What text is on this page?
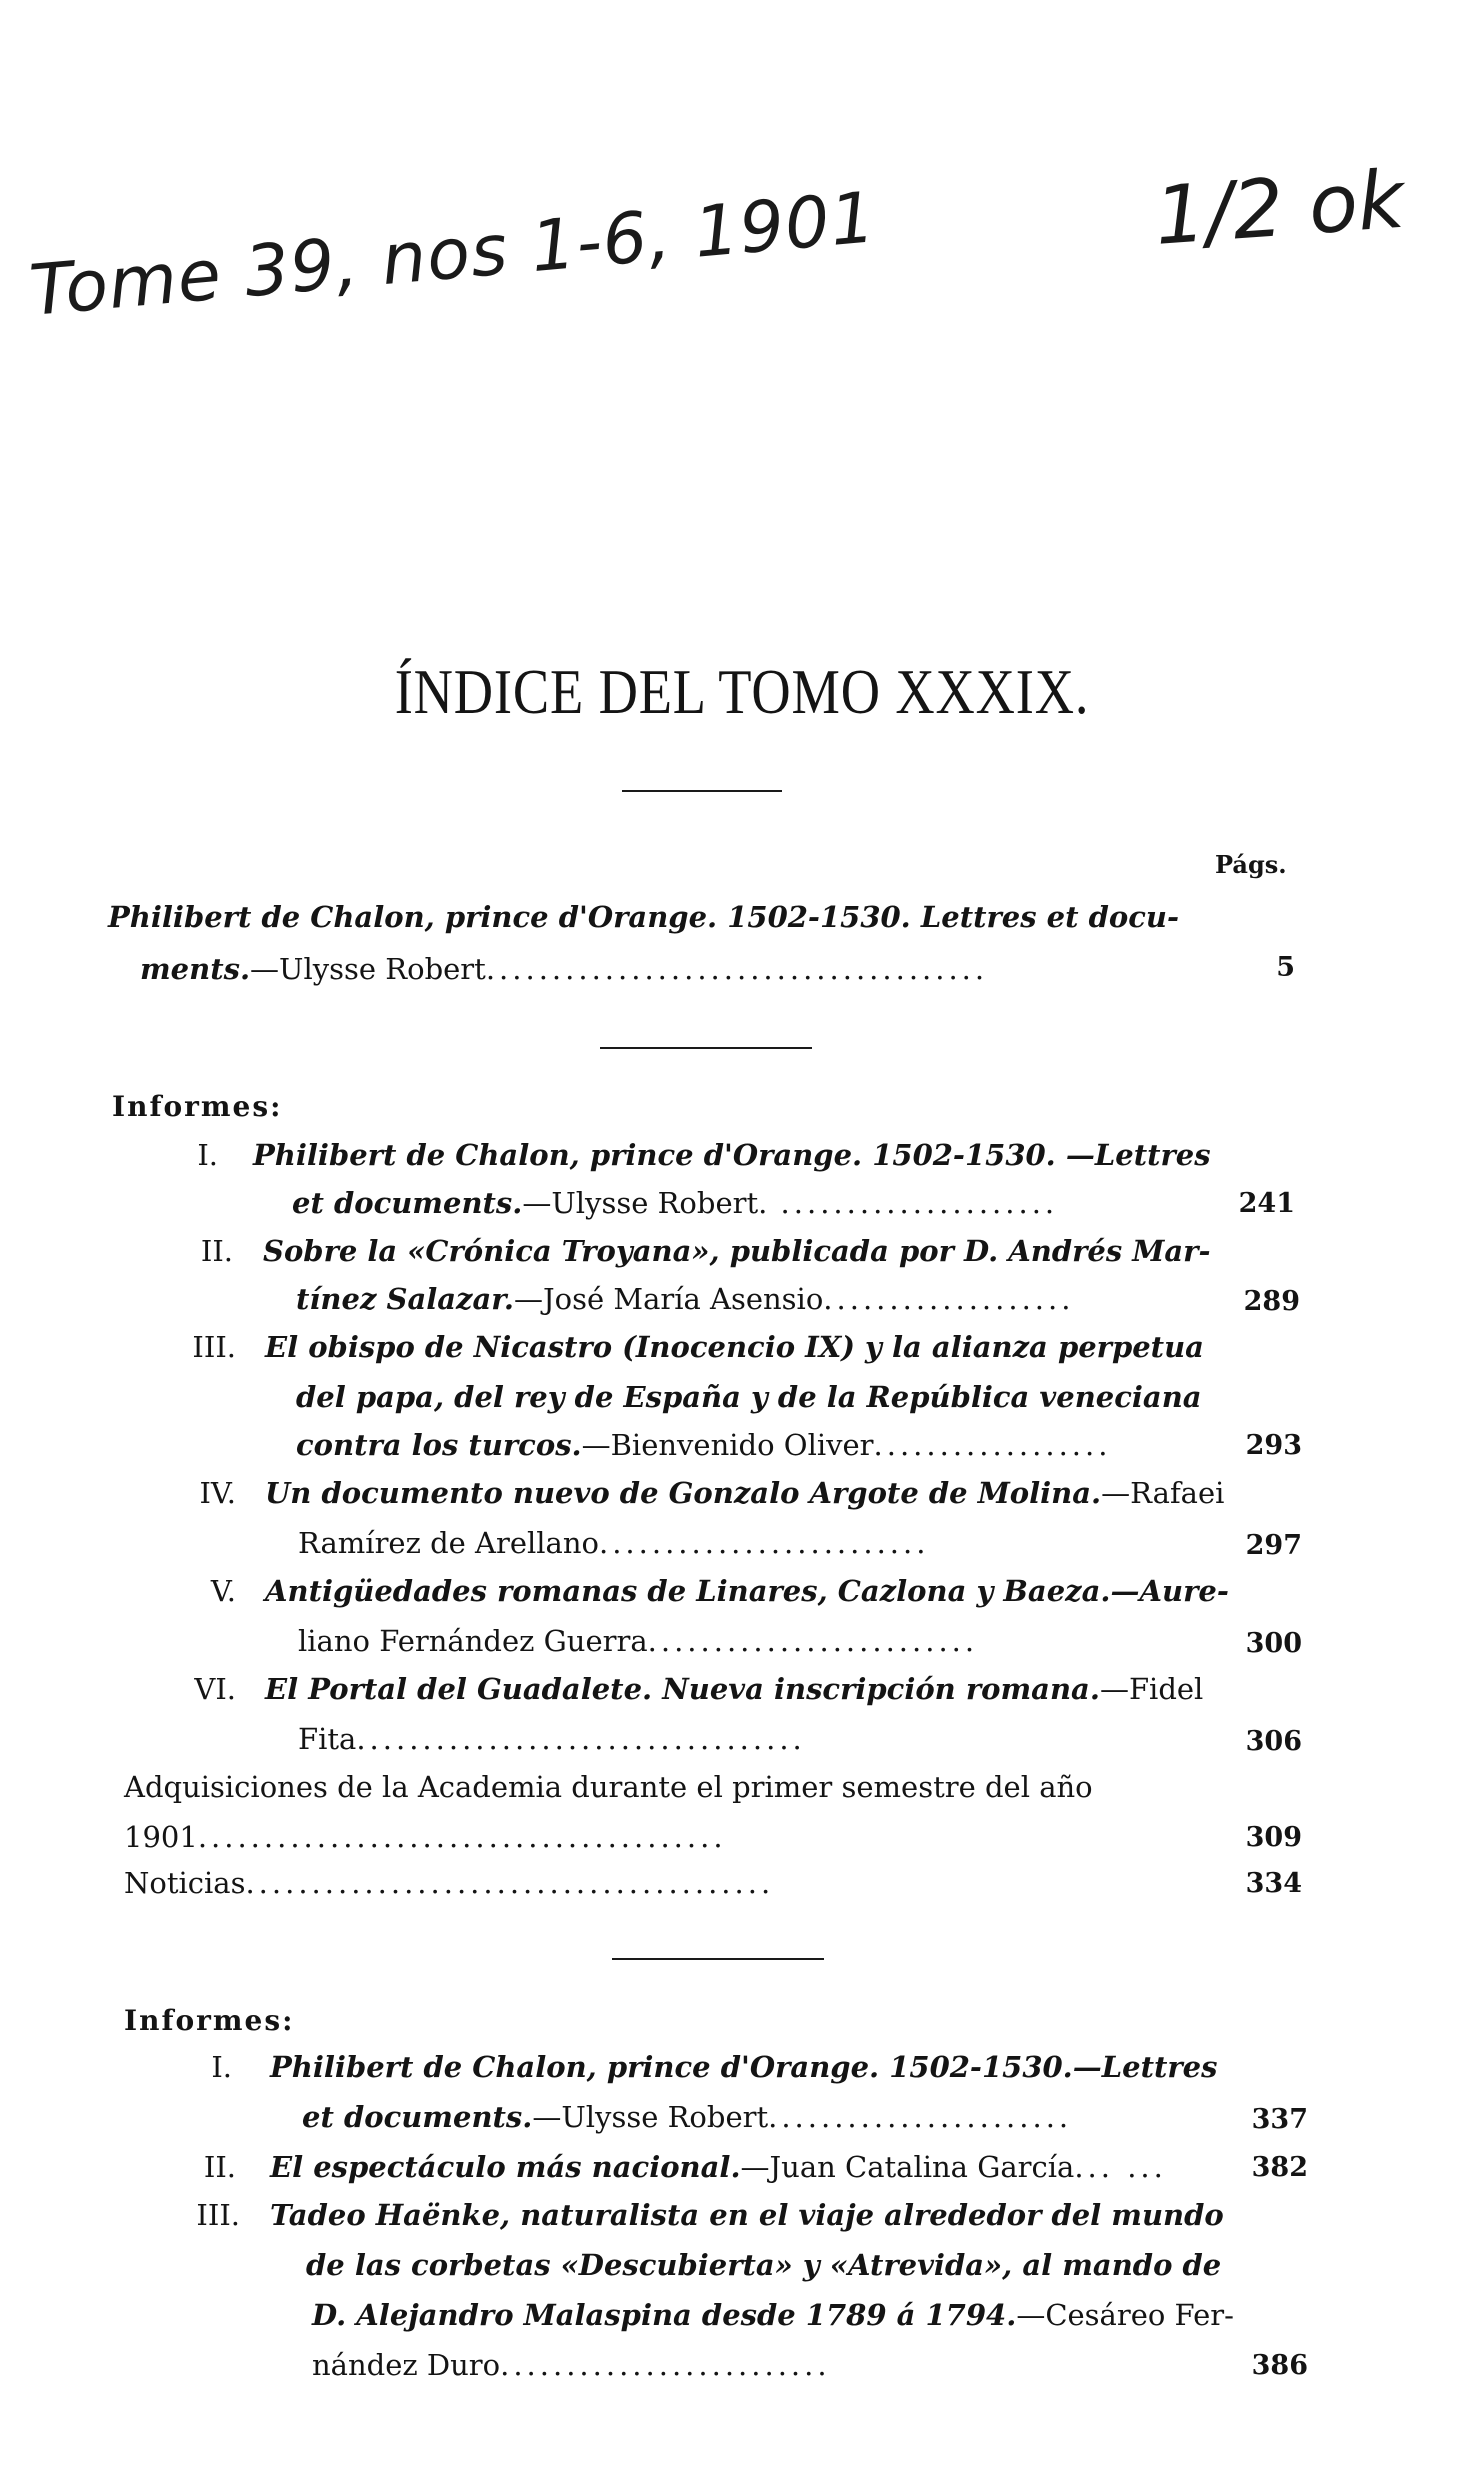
Tome 39, nos 1-6, 1901	1/2 ok
ÍNDICE DEL TOMO XXXIX.
Págs.
Philibert de Chalon, prince d'Orange. 1502-1530. Lettres et docu-
ments.—Ulysse Robert......................................	5
Informes:
I. Philibert de Chalon, prince d'Orange. 1502-1530. —Lettres
et documents.—Ulysse Robert. .....................	241
II. Sobre la «Crónica Troyana», publicada por D. Andrés Mar-
tínez Salazar.—José María Asensio...................	289
III. El obispo de Nicastro (Inocencio IX) y la alianza perpetua
del papa, del rey de España y de la República veneciana
contra los turcos.—Bienvenido Oliver..................	293
IV. Un documento nuevo de Gonzalo Argote de Molina.—Rafaei
Ramírez de Arellano.........................	297
V. Antigüedades romanas de Linares, Cazlona y Baeza.—Aure-
liano Fernández Guerra.........................	300
VI. El Portal del Guadalete. Nueva inscripción romana.—Fidel
Fita..................................	306
Adquisiciones de la Academia durante el primer semestre del año
1901........................................	309
Noticias........................................	334
Informes:
I. Philibert de Chalon, prince d'Orange. 1502-1530.—Lettres
et documents.—Ulysse Robert.......................	337
II. El espectáculo más nacional.—Juan Catalina García... ...	382
III. Tadeo Haënke, naturalista en el viaje alrededor del mundo
de las corbetas «Descubierta» y «Atrevida», al mando de
D. Alejandro Malaspina desde 1789 á 1794.—Cesáreo Fer-
nández Duro.........................	386
